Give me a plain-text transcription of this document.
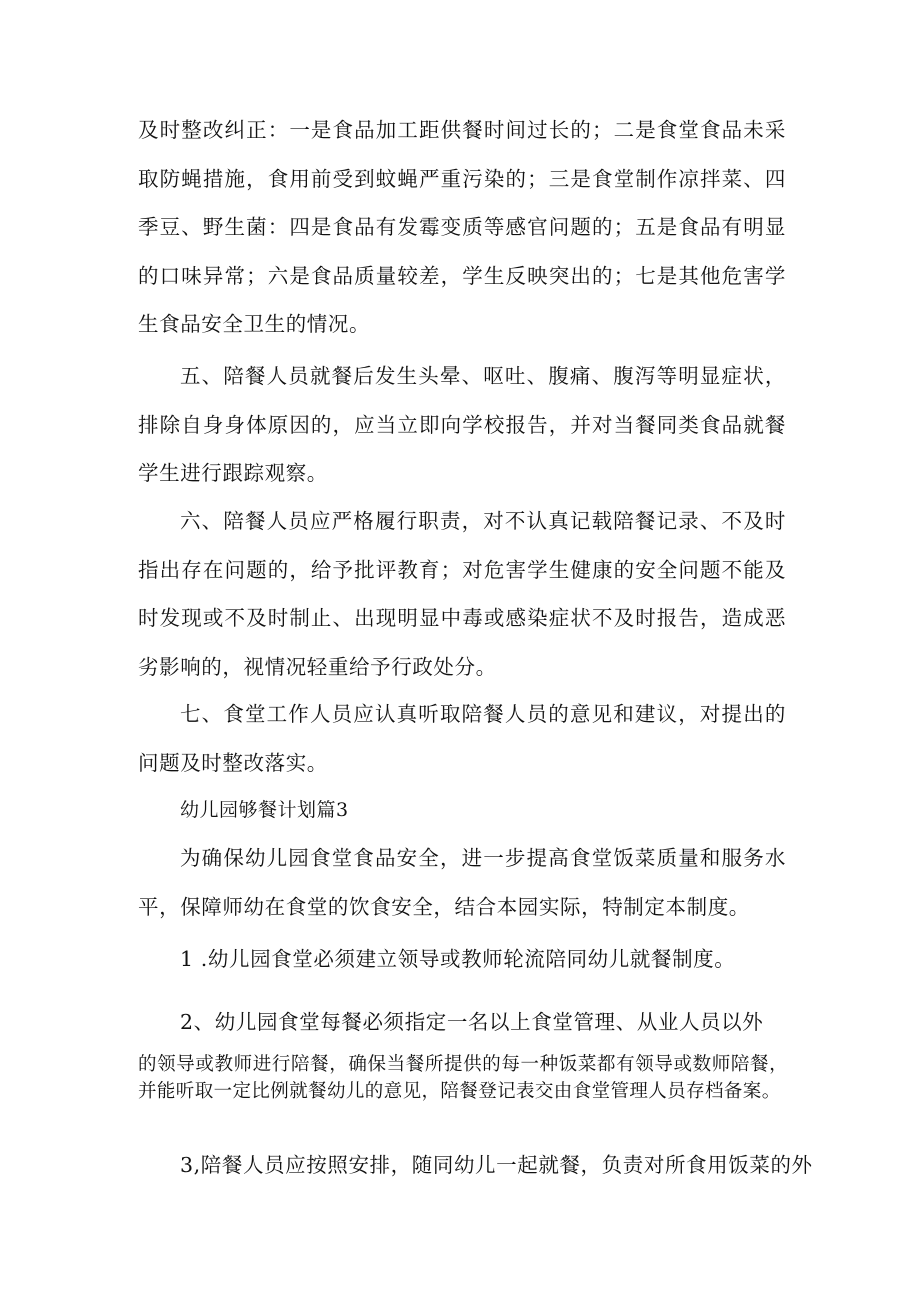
及时整改纠正：一是食品加工距供餐时间过长的；二是食堂食品未采取防蝇措施，食用前受到蚊蝇严重污染的；三是食堂制作凉拌菜、四季豆、野生菌：四是食品有发霉变质等感官问题的；五是食品有明显的口味异常；六是食品质量较差，学生反映突出的；七是其他危害学生食品安全卫生的情况。

五、陪餐人员就餐后发生头晕、呕吐、腹痛、腹泻等明显症状，排除自身身体原因的，应当立即向学校报告，并对当餐同类食品就餐学生进行跟踪观察。

六、陪餐人员应严格履行职责，对不认真记载陪餐记录、不及时指出存在问题的，给予批评教育；对危害学生健康的安全问题不能及时发现或不及时制止、出现明显中毒或感染症状不及时报告，造成恶劣影响的，视情况轻重给予行政处分。

七、食堂工作人员应认真听取陪餐人员的意见和建议，对提出的问题及时整改落实。

幼儿园够餐计划篇3

为确保幼儿园食堂食品安全，进一步提高食堂饭菜质量和服务水平，保障师幼在食堂的饮食安全，结合本园实际，特制定本制度。

1 .幼儿园食堂必须建立领导或教师轮流陪同幼儿就餐制度。

2、幼儿园食堂每餐必须指定一名以上食堂管理、从业人员以外

的领导或教师进行陪餐，确保当餐所提供的每一种饭菜都有领导或数师陪餐，并能听取一定比例就餐幼儿的意见，陪餐登记表交由食堂管理人员存档备案。

3,陪餐人员应按照安排，随同幼儿一起就餐，负责对所食用饭菜的外
